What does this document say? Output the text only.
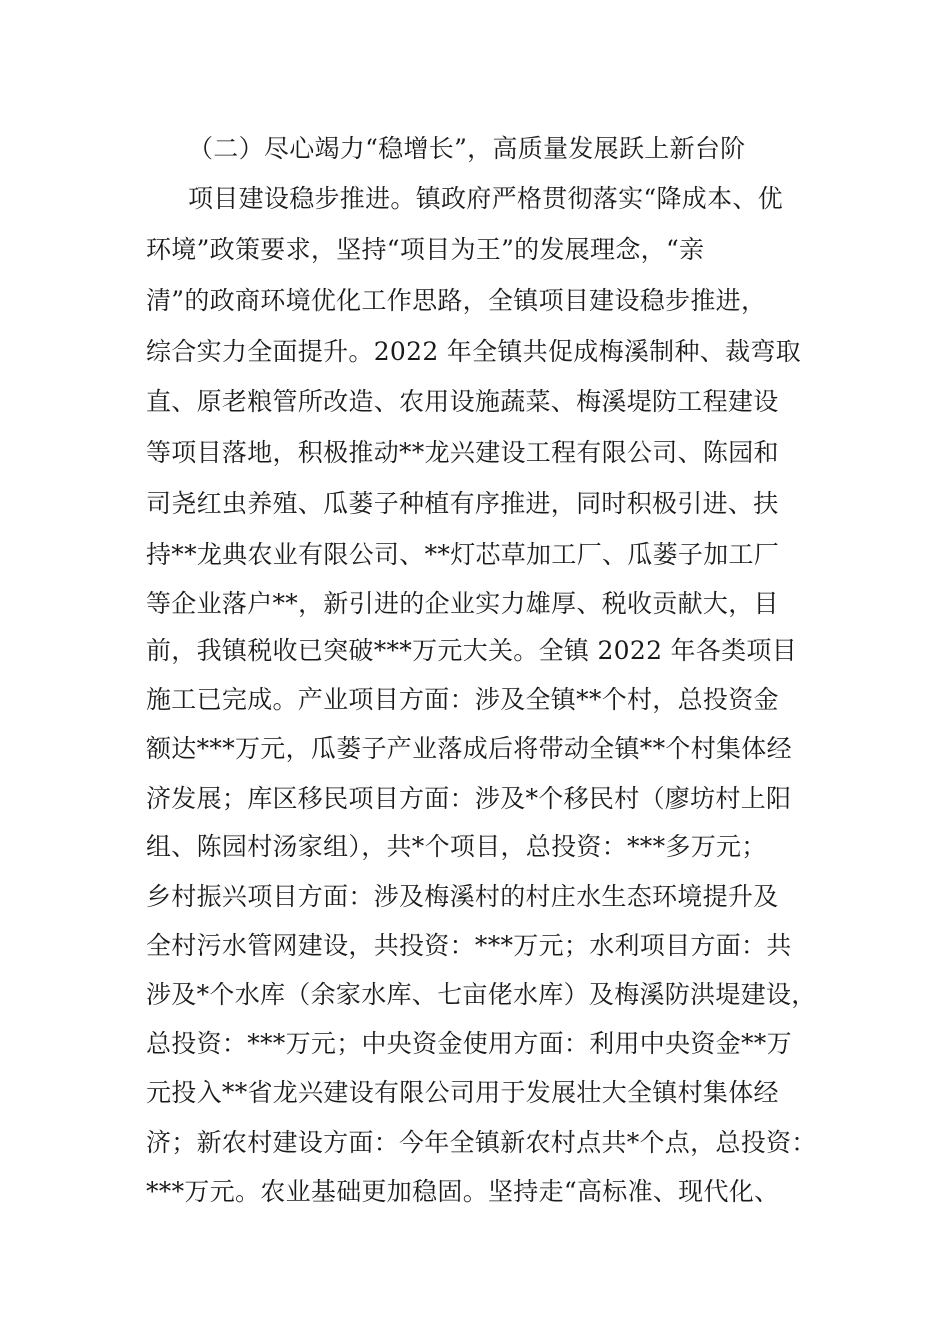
（二）尽心竭力“稳增长”，高质量发展跃上新台阶
项目建设稳步推进。镇政府严格贯彻落实“降成本、优
环境”政策要求，坚持“项目为王”的发展理念，“亲
清”的政商环境优化工作思路，全镇项目建设稳步推进，
综合实力全面提升。2022 年全镇共促成梅溪制种、裁弯取
直、原老粮管所改造、农用设施蔬菜、梅溪堤防工程建设
等项目落地，积极推动**龙兴建设工程有限公司、陈园和
司尧红虫养殖、瓜蒌子种植有序推进，同时积极引进、扶
持**龙典农业有限公司、**灯芯草加工厂、瓜蒌子加工厂
等企业落户**，新引进的企业实力雄厚、税收贡献大，目
前，我镇税收已突破***万元大关。全镇 2022 年各类项目
施工已完成。产业项目方面：涉及全镇**个村，总投资金
额达***万元，瓜蒌子产业落成后将带动全镇**个村集体经
济发展；库区移民项目方面：涉及*个移民村（廖坊村上阳
组、陈园村汤家组），共*个项目，总投资：***多万元；
乡村振兴项目方面：涉及梅溪村的村庄水生态环境提升及
全村污水管网建设，共投资：***万元；水利项目方面：共
涉及*个水库（余家水库、七亩佬水库）及梅溪防洪堤建设，
总投资：***万元；中央资金使用方面：利用中央资金**万
元投入**省龙兴建设有限公司用于发展壮大全镇村集体经
济；新农村建设方面：今年全镇新农村点共*个点，总投资：
***万元。农业基础更加稳固。坚持走“高标准、现代化、
